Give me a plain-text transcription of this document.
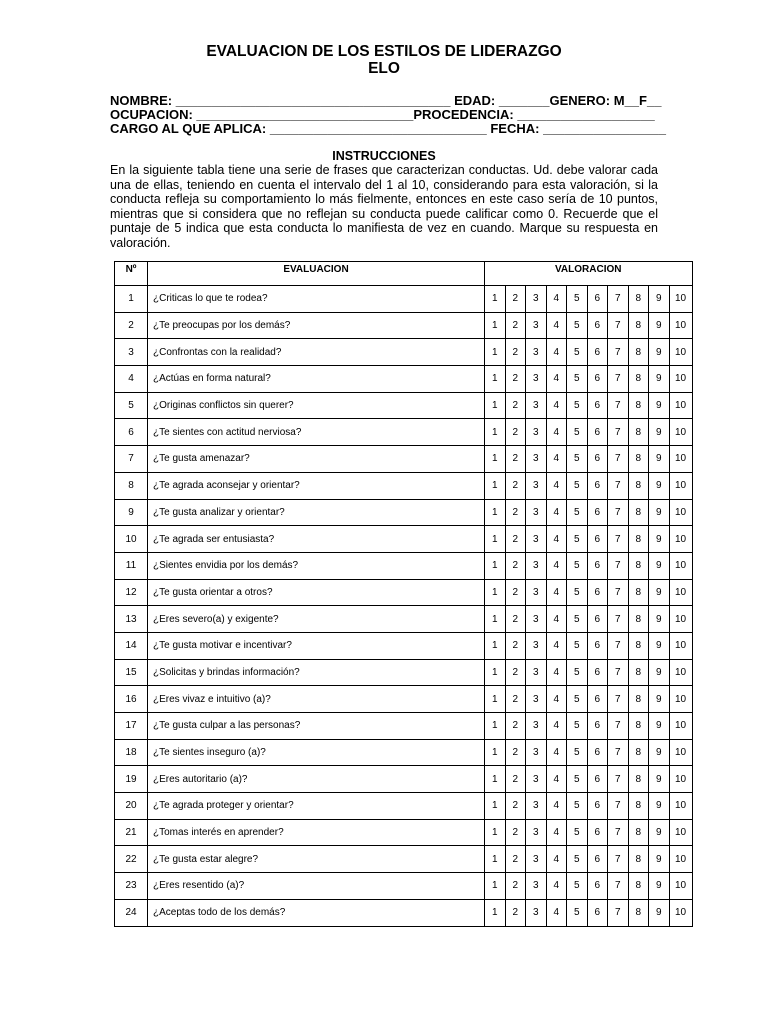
EVALUACION DE LOS ESTILOS DE LIDERAZGO
ELO
NOMBRE: ______________________________________ EDAD: _______GENERO: M__F__
OCUPACION: ______________________________PROCEDENCIA: ___________________
CARGO AL QUE APLICA: ______________________________ FECHA: _________________
INSTRUCCIONES
En la siguiente tabla tiene una serie de frases que caracterizan conductas. Ud. debe valorar cada una de ellas, teniendo en cuenta el intervalo del 1 al 10, considerando para esta valoración, si la conducta refleja su comportamiento lo más fielmente, entonces en este caso sería de 10 puntos, mientras que si considera que no reflejan su conducta puede calificar como 0. Recuerde que el puntaje de 5 indica que esta conducta lo manifiesta de vez en cuando. Marque su respuesta en valoración.
Nº	EVALUACION	VALORACION									
1	¿Criticas lo que te rodea?	1	2	3	4	5	6	7	8	9	10
2	¿Te preocupas por los demás?	1	2	3	4	5	6	7	8	9	10
3	¿Confrontas con la realidad?	1	2	3	4	5	6	7	8	9	10
4	¿Actúas en forma natural?	1	2	3	4	5	6	7	8	9	10
5	¿Originas conflictos sin querer?	1	2	3	4	5	6	7	8	9	10
6	¿Te sientes con actitud nerviosa?	1	2	3	4	5	6	7	8	9	10
7	¿Te gusta amenazar?	1	2	3	4	5	6	7	8	9	10
8	¿Te agrada aconsejar y orientar?	1	2	3	4	5	6	7	8	9	10
9	¿Te gusta analizar y orientar?	1	2	3	4	5	6	7	8	9	10
10	¿Te agrada ser entusiasta?	1	2	3	4	5	6	7	8	9	10
11	¿Sientes envidia por los demás?	1	2	3	4	5	6	7	8	9	10
12	¿Te gusta orientar a otros?	1	2	3	4	5	6	7	8	9	10
13	¿Eres severo(a) y exigente?	1	2	3	4	5	6	7	8	9	10
14	¿Te gusta motivar e incentivar?	1	2	3	4	5	6	7	8	9	10
15	¿Solicitas y brindas información?	1	2	3	4	5	6	7	8	9	10
16	¿Eres vivaz e intuitivo (a)?	1	2	3	4	5	6	7	8	9	10
17	¿Te gusta culpar a las personas?	1	2	3	4	5	6	7	8	9	10
18	¿Te sientes inseguro (a)?	1	2	3	4	5	6	7	8	9	10
19	¿Eres autoritario (a)?	1	2	3	4	5	6	7	8	9	10
20	¿Te agrada proteger y orientar?	1	2	3	4	5	6	7	8	9	10
21	¿Tomas interés en aprender?	1	2	3	4	5	6	7	8	9	10
22	¿Te gusta estar alegre?	1	2	3	4	5	6	7	8	9	10
23	¿Eres resentido (a)?	1	2	3	4	5	6	7	8	9	10
24	¿Aceptas todo de los demás?	1	2	3	4	5	6	7	8	9	10
